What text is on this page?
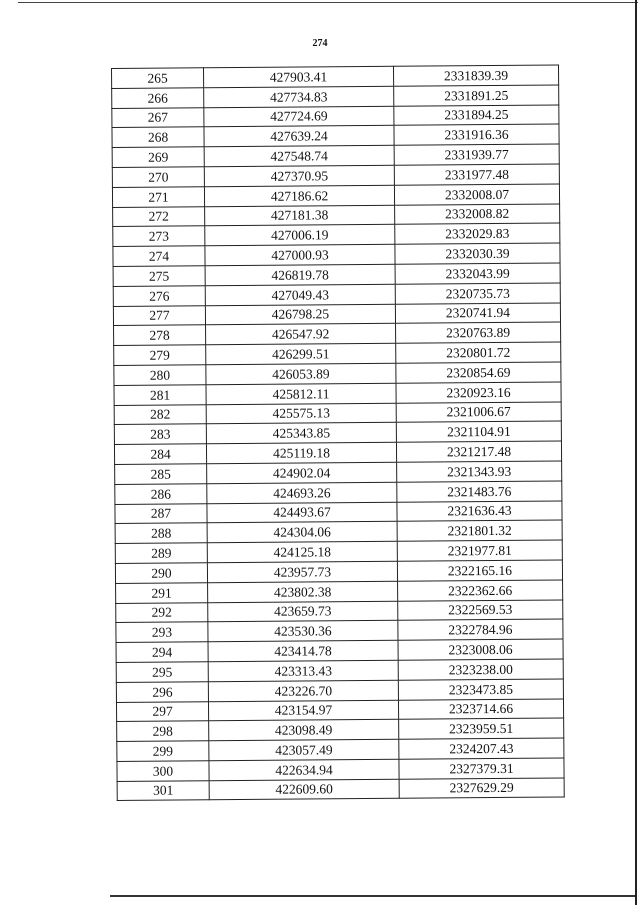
274
265	427903.41	2331839.39
266	427734.83	2331891.25
267	427724.69	2331894.25
268	427639.24	2331916.36
269	427548.74	2331939.77
270	427370.95	2331977.48
271	427186.62	2332008.07
272	427181.38	2332008.82
273	427006.19	2332029.83
274	427000.93	2332030.39
275	426819.78	2332043.99
276	427049.43	2320735.73
277	426798.25	2320741.94
278	426547.92	2320763.89
279	426299.51	2320801.72
280	426053.89	2320854.69
281	425812.11	2320923.16
282	425575.13	2321006.67
283	425343.85	2321104.91
284	425119.18	2321217.48
285	424902.04	2321343.93
286	424693.26	2321483.76
287	424493.67	2321636.43
288	424304.06	2321801.32
289	424125.18	2321977.81
290	423957.73	2322165.16
291	423802.38	2322362.66
292	423659.73	2322569.53
293	423530.36	2322784.96
294	423414.78	2323008.06
295	423313.43	2323238.00
296	423226.70	2323473.85
297	423154.97	2323714.66
298	423098.49	2323959.51
299	423057.49	2324207.43
300	422634.94	2327379.31
301	422609.60	2327629.29
